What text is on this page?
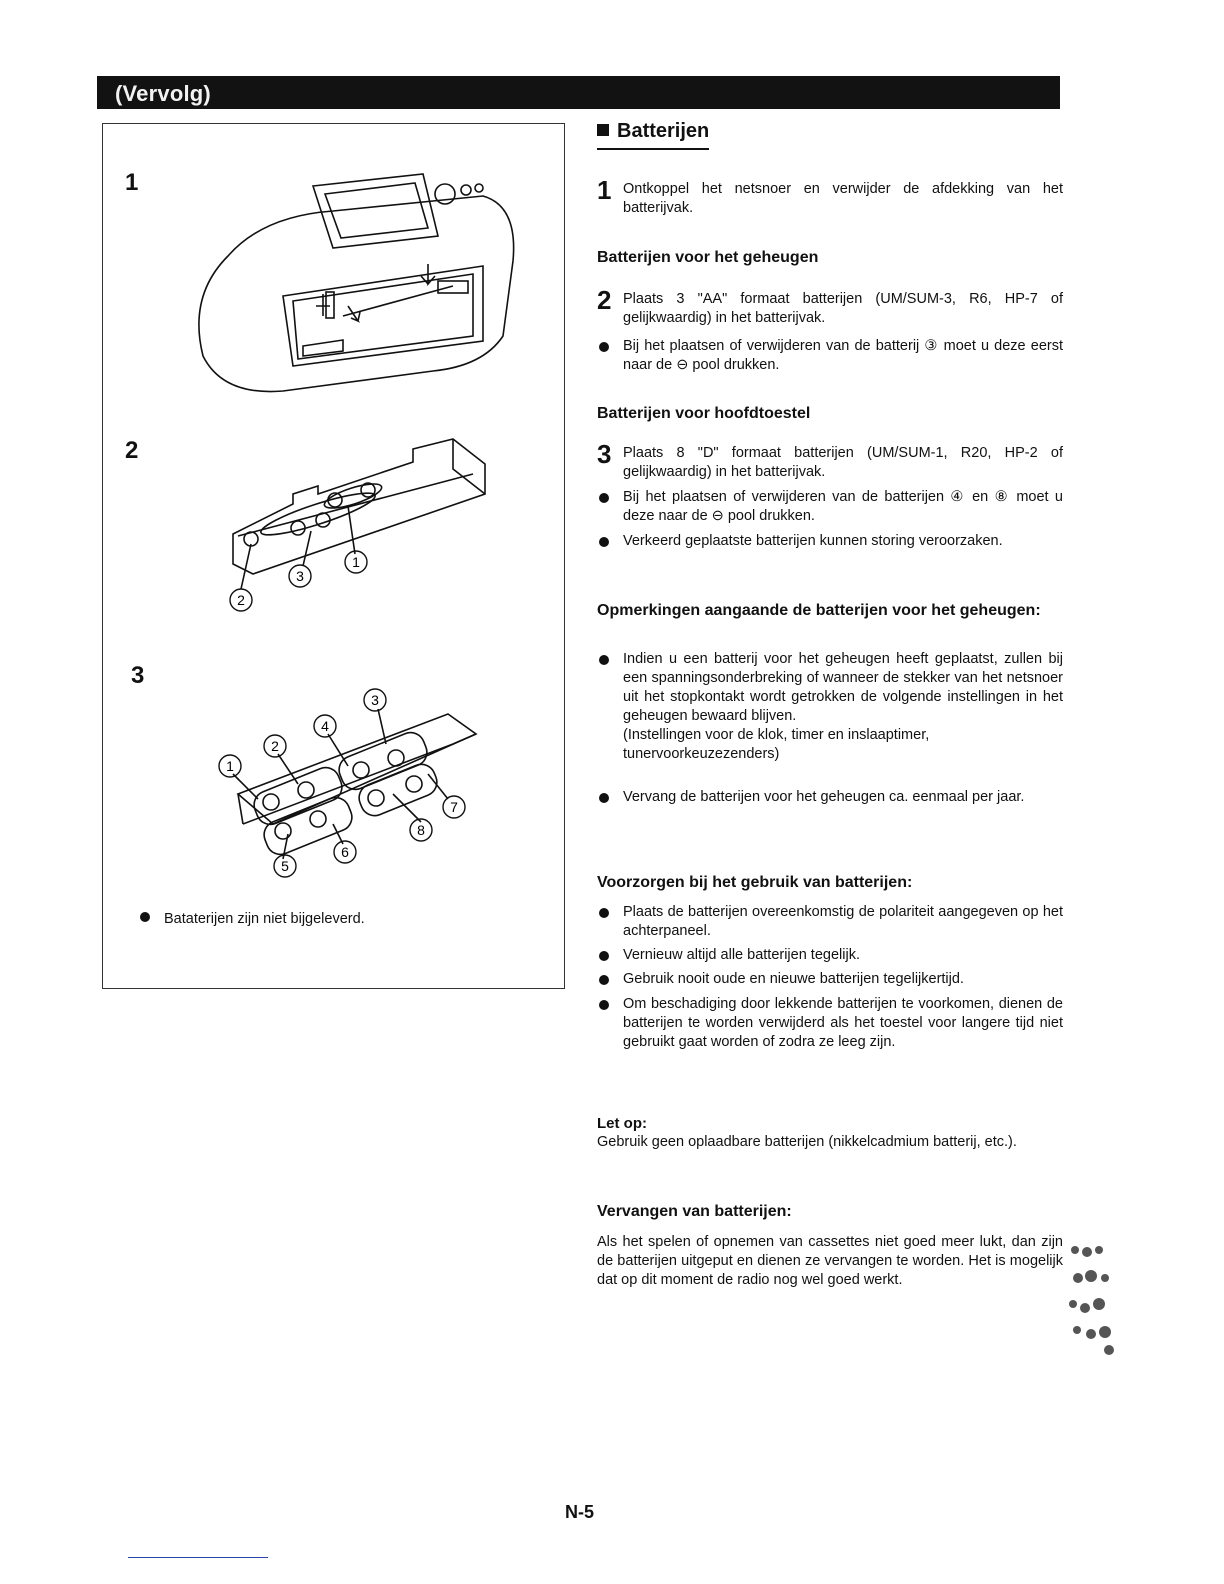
(Vervolg)
1
2
3
1
3
2
1
2
3
4
5
6
7
8
Bataterijen zijn niet bijgeleverd.
Batterijen
1 Ontkoppel het netsnoer en verwijder de afdekking van het batterijvak.
Batterijen voor het geheugen
2 Plaats 3 "AA" formaat batterijen (UM/SUM-3, R6, HP-7 of gelijkwaardig) in het batterijvak.
Bij het plaatsen of verwijderen van de batterij ③ moet u deze eerst naar de ⊖ pool drukken.
Batterijen voor hoofdtoestel
3 Plaats 8 "D" formaat batterijen (UM/SUM-1, R20, HP-2 of gelijkwaardig) in het batterijvak.
Bij het plaatsen of verwijderen van de batterijen ④ en ⑧ moet u deze naar de ⊖ pool drukken.
Verkeerd geplaatste batterijen kunnen storing veroorzaken.
Opmerkingen aangaande de batterijen voor het geheugen:
Indien u een batterij voor het geheugen heeft geplaatst, zullen bij een spanningsonderbreking of wanneer de stekker van het netsnoer uit het stopkontakt wordt getrokken de volgende instellingen in het geheugen bewaard blijven.
(Instellingen voor de klok, timer en inslaaptimer, tunervoorkeuzezenders)
Vervang de batterijen voor het geheugen ca. eenmaal per jaar.
Voorzorgen bij het gebruik van batterijen:
Plaats de batterijen overeenkomstig de polariteit aangegeven op het achterpaneel.
Vernieuw altijd alle batterijen tegelijk.
Gebruik nooit oude en nieuwe batterijen tegelijkertijd.
Om beschadiging door lekkende batterijen te voorkomen, dienen de batterijen te worden verwijderd als het toestel voor langere tijd niet gebruikt gaat worden of zodra ze leeg zijn.
Let op:
Gebruik geen oplaadbare batterijen (nikkelcadmium batterij, etc.).
Vervangen van batterijen:
Als het spelen of opnemen van cassettes niet goed meer lukt, dan zijn de batterijen uitgeput en dienen ze vervangen te worden. Het is mogelijk dat op dit moment de radio nog wel goed werkt.
N-5
